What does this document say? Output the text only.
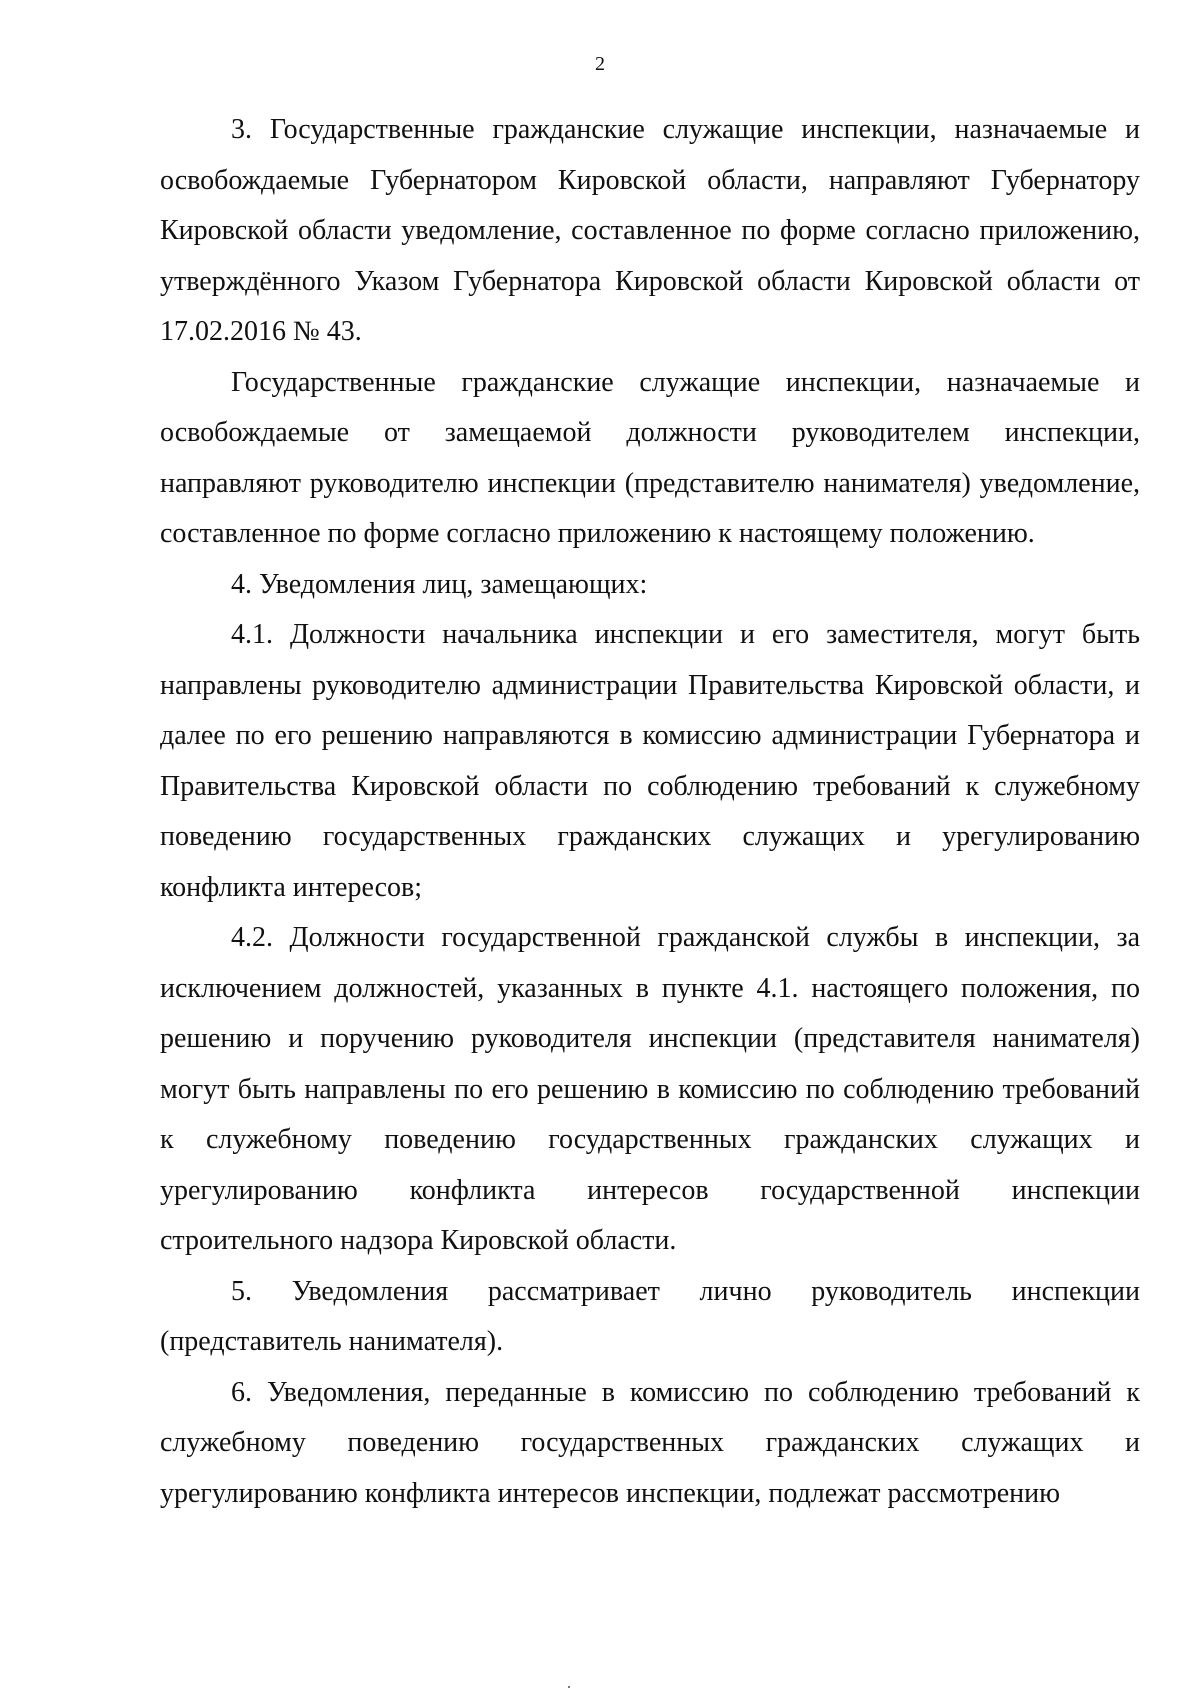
2

3. Государственные гражданские служащие инспекции, назначаемые и освобождаемые Губернатором Кировской области, направляют Губернатору Кировской области уведомление, составленное по форме согласно приложению, утверждённого Указом Губернатора Кировской области Кировской области от 17.02.2016 № 43.

Государственные гражданские служащие инспекции, назначаемые и освобождаемые от замещаемой должности руководителем инспекции, направляют руководителю инспекции (представителю нанимателя) уведомление, составленное по форме согласно приложению к настоящему положению.

4. Уведомления лиц, замещающих:

4.1. Должности начальника инспекции и его заместителя, могут быть направлены руководителю администрации Правительства Кировской области, и далее по его решению направляются в комиссию администрации Губернатора и Правительства Кировской области по соблюдению требований к служебному поведению государственных гражданских служащих и урегулированию конфликта интересов;

4.2. Должности государственной гражданской службы в инспекции, за исключением должностей, указанных в пункте 4.1. настоящего положения, по решению и поручению руководителя инспекции (представителя нанимателя) могут быть направлены по его решению в комиссию по соблюдению требований к служебному поведению государственных гражданских служащих и урегулированию конфликта интересов государственной инспекции строительного надзора Кировской области.

5. Уведомления рассматривает лично руководитель инспекции (представитель нанимателя).

6. Уведомления, переданные в комиссию по соблюдению требований к служебному поведению государственных гражданских служащих и урегулированию конфликта интересов инспекции, подлежат рассмотрению
